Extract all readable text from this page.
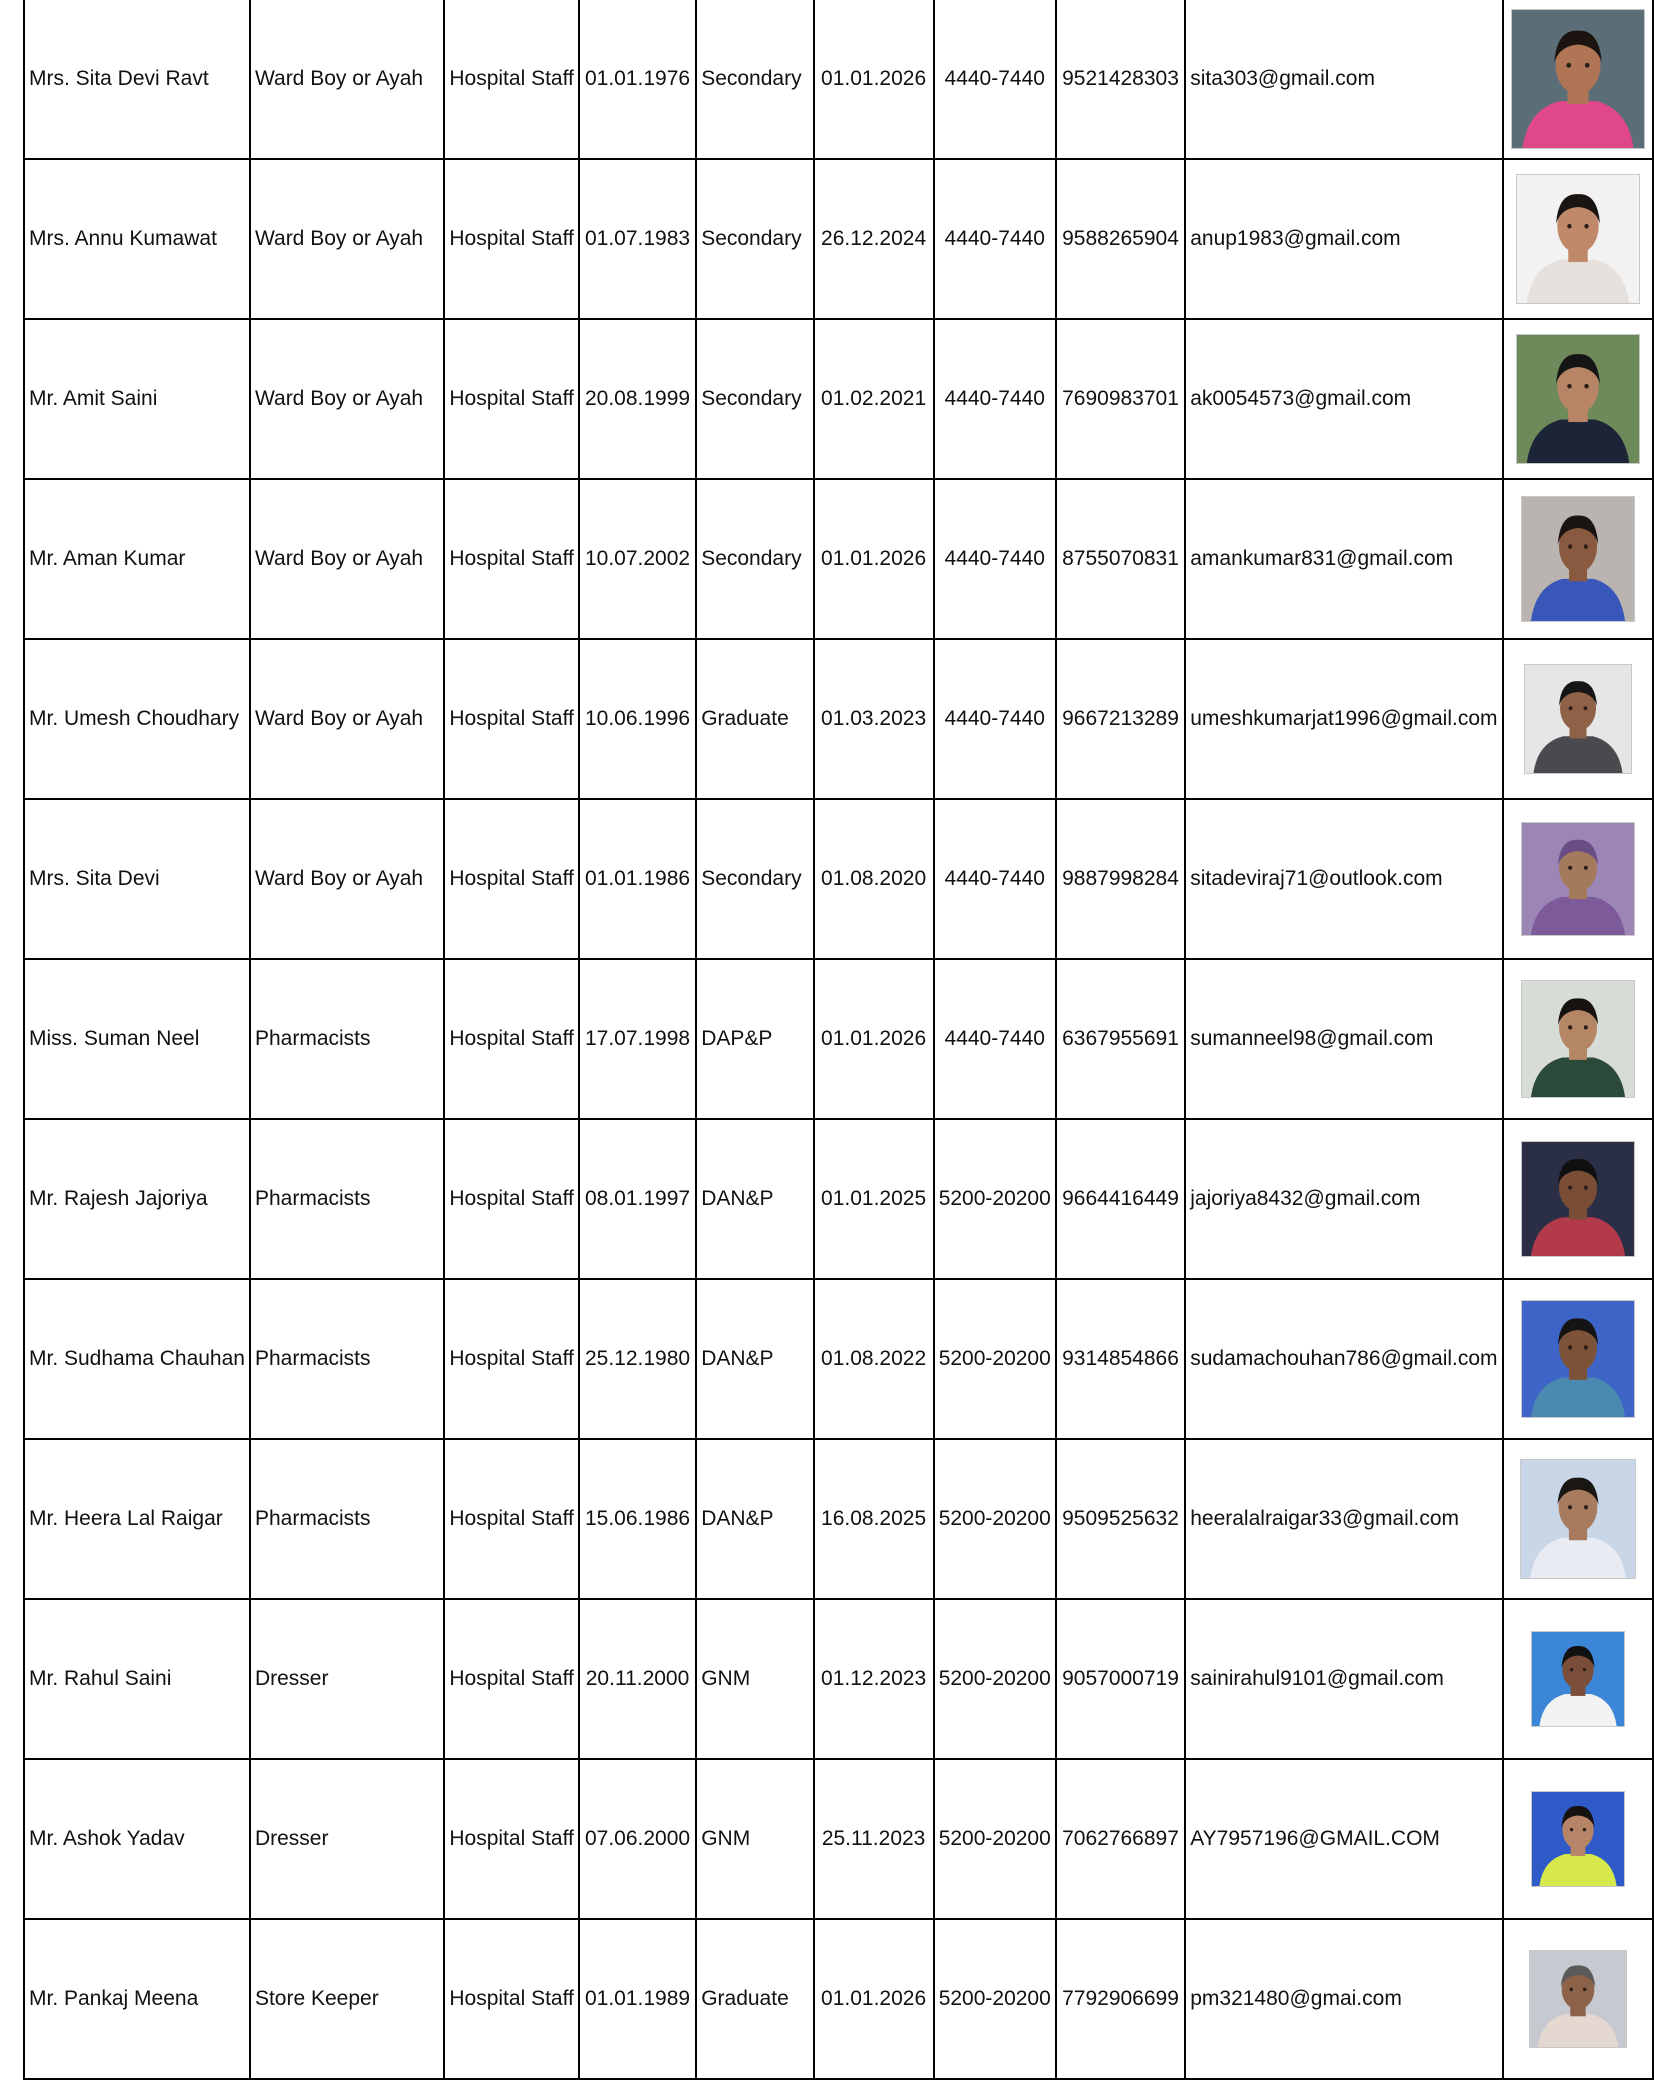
Mrs. Sita Devi Ravt	Ward Boy or Ayah	Hospital Staff	01.01.1976	Secondary	01.01.2026	4440-7440	9521428303	sita303@gmail.com	

Mrs. Annu Kumawat	Ward Boy or Ayah	Hospital Staff	01.07.1983	Secondary	26.12.2024	4440-7440	9588265904	anup1983@gmail.com	

Mr. Amit Saini	Ward Boy or Ayah	Hospital Staff	20.08.1999	Secondary	01.02.2021	4440-7440	7690983701	ak0054573@gmail.com	

Mr. Aman Kumar	Ward Boy or Ayah	Hospital Staff	10.07.2002	Secondary	01.01.2026	4440-7440	8755070831	amankumar831@gmail.com	

Mr. Umesh Choudhary	Ward Boy or Ayah	Hospital Staff	10.06.1996	Graduate	01.03.2023	4440-7440	9667213289	umeshkumarjat1996@gmail.com	

Mrs. Sita Devi	Ward Boy or Ayah	Hospital Staff	01.01.1986	Secondary	01.08.2020	4440-7440	9887998284	sitadeviraj71@outlook.com	

Miss. Suman Neel	Pharmacists	Hospital Staff	17.07.1998	DAP&P	01.01.2026	4440-7440	6367955691	sumanneel98@gmail.com	

Mr. Rajesh Jajoriya	Pharmacists	Hospital Staff	08.01.1997	DAN&P	01.01.2025	5200-20200	9664416449	jajoriya8432@gmail.com	

Mr. Sudhama Chauhan	Pharmacists	Hospital Staff	25.12.1980	DAN&P	01.08.2022	5200-20200	9314854866	sudamachouhan786@gmail.com	

Mr. Heera Lal Raigar	Pharmacists	Hospital Staff	15.06.1986	DAN&P	16.08.2025	5200-20200	9509525632	heeralalraigar33@gmail.com	

Mr. Rahul Saini	Dresser	Hospital Staff	20.11.2000	GNM	01.12.2023	5200-20200	9057000719	sainirahul9101@gmail.com	

Mr. Ashok Yadav	Dresser	Hospital Staff	07.06.2000	GNM	25.11.2023	5200-20200	7062766897	AY7957196@GMAIL.COM	

Mr. Pankaj Meena	Store Keeper	Hospital Staff	01.01.1989	Graduate	01.01.2026	5200-20200	7792906699	pm321480@gmai.com	
